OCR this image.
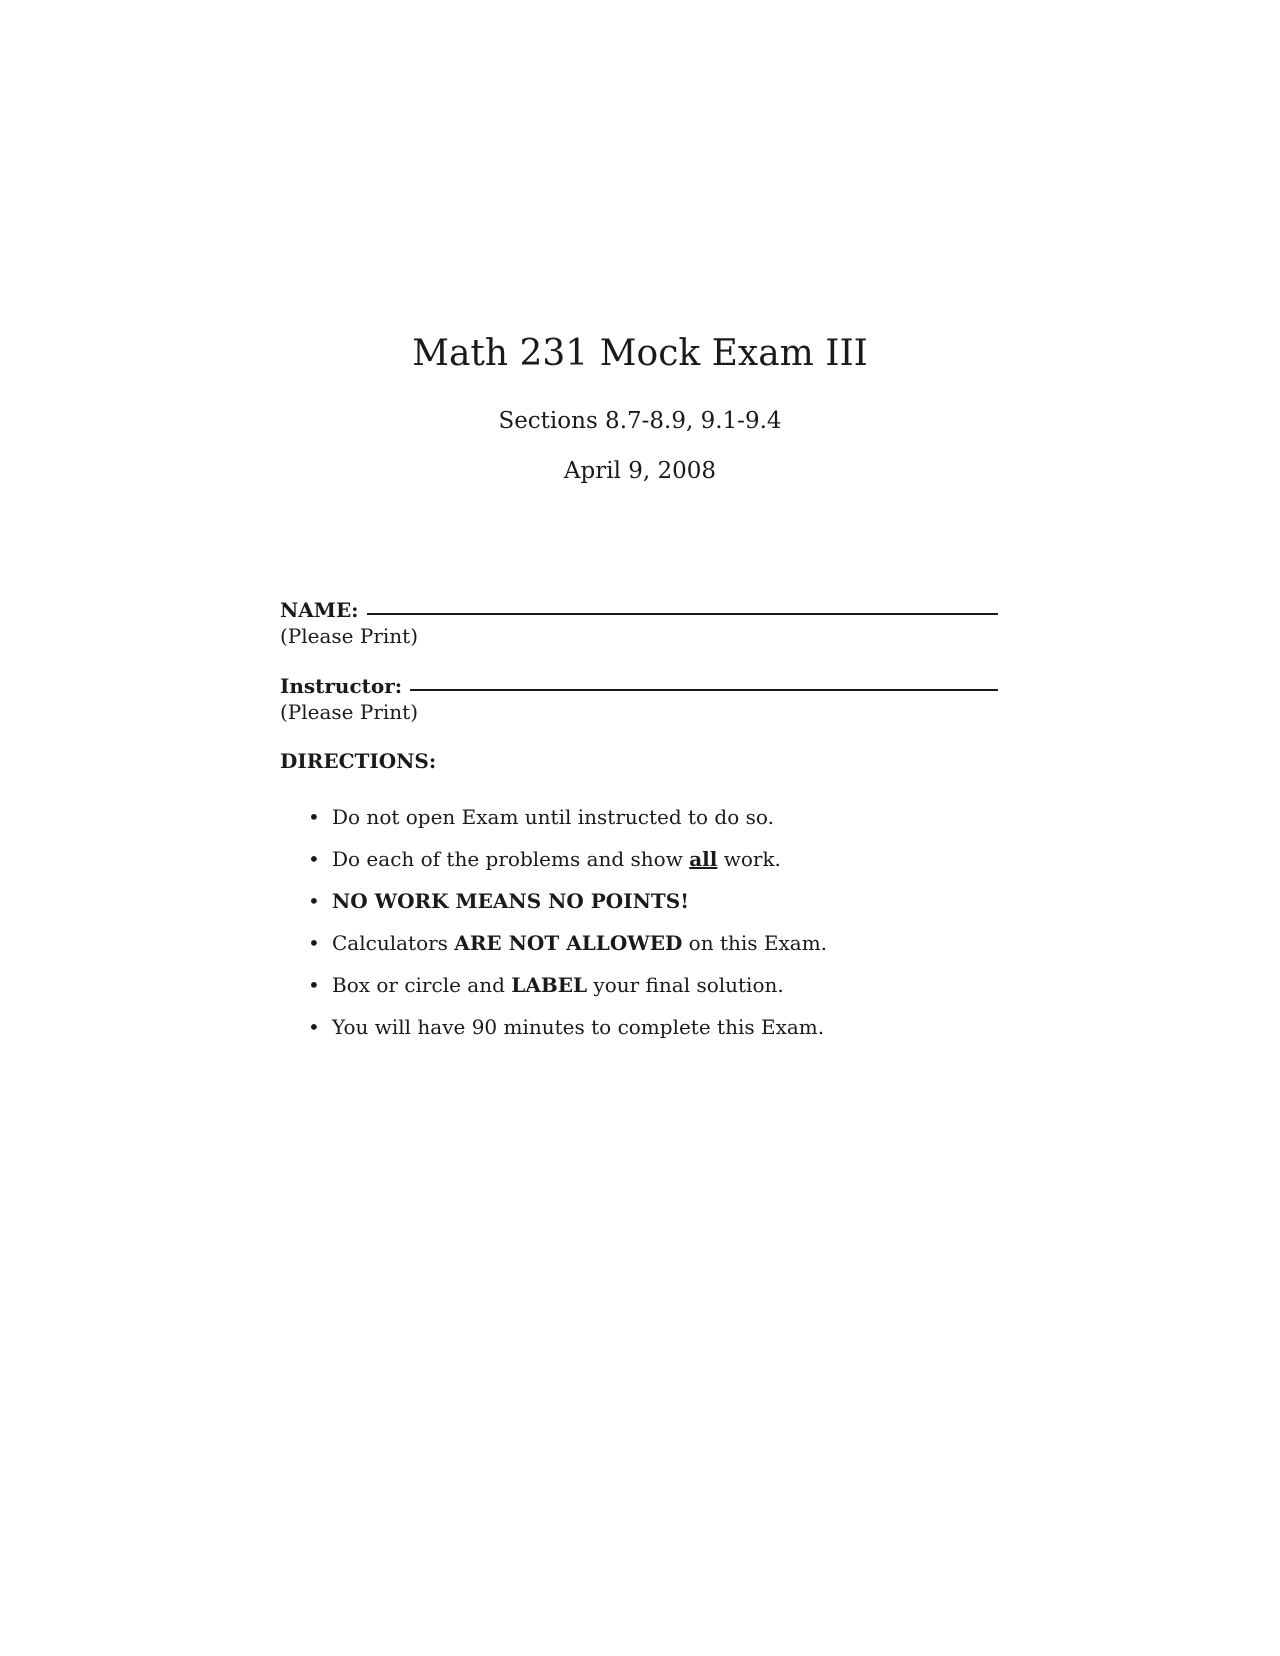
Math 231 Mock Exam III
Sections 8.7-8.9, 9.1-9.4
April 9, 2008
NAME:
(Please Print)
Instructor:
(Please Print)
DIRECTIONS:
• Do not open Exam until instructed to do so.
• Do each of the problems and show all work.
• NO WORK MEANS NO POINTS!
• Calculators ARE NOT ALLOWED on this Exam.
• Box or circle and LABEL your final solution.
• You will have 90 minutes to complete this Exam.
